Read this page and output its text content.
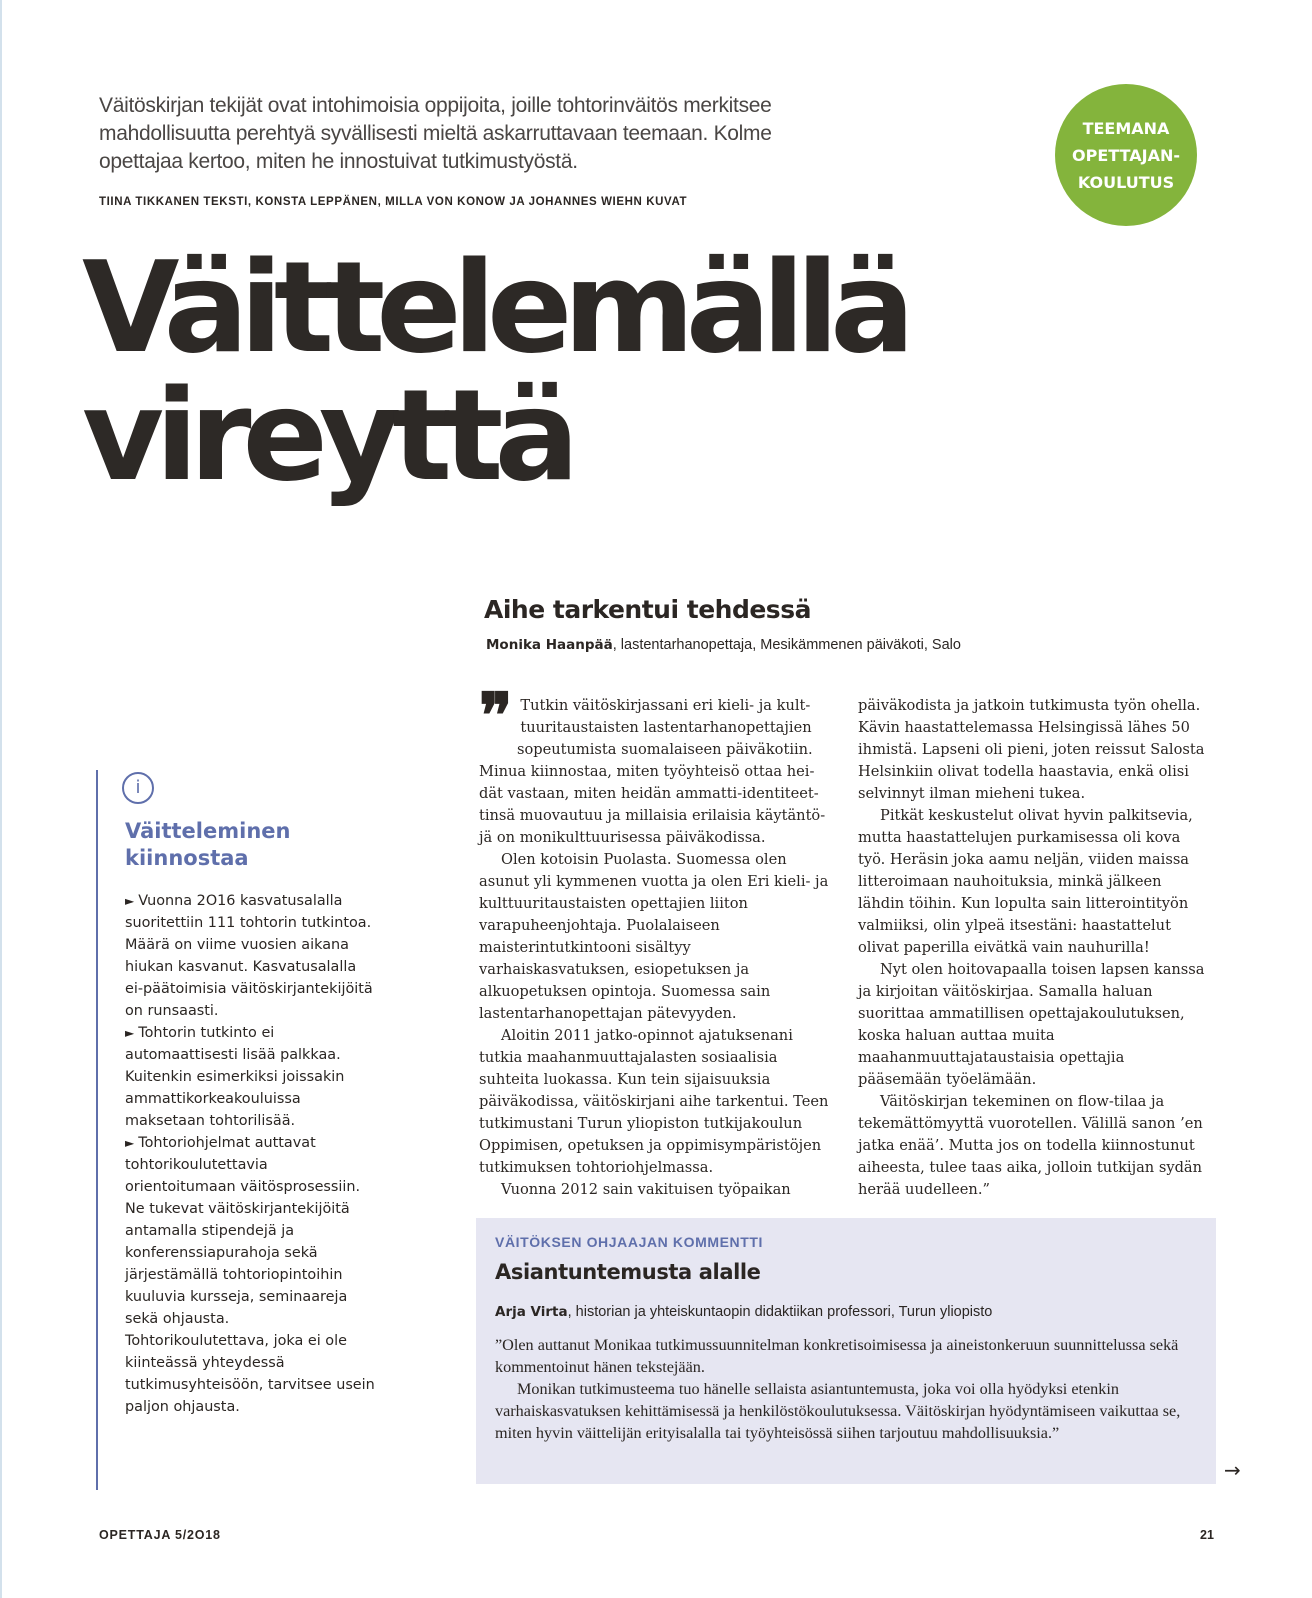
Väitöskirjan tekijät ovat intohimoisia oppijoita, joille tohtorinväitös merkitsee mahdollisuutta perehtyä syvällisesti mieltä askarruttavaan teemaan. Kolme opettajaa kertoo, miten he innostuivat tutkimustyöstä.
TIINA TIKKANEN TEKSTI, KONSTA LEPPÄNEN, MILLA VON KONOW JA JOHANNES WIEHN KUVAT
TEEMANA
OPETTAJAN-
KOULUTUS
Väittelemällä
vireyttä
Aihe tarkentui tehdessä
Monika Haanpää, lastentarhanopettaja, Mesikämmenen päiväkoti, Salo

❞ Tutkin väitöskirjassani eri kieli- ja kult-
tuuritaustaisten lastentarhanopettajien
sopeutumista suomalaiseen päiväkotiin.
Minua kiinnostaa, miten työyhteisö ottaa hei-dät vastaan, miten heidän ammatti-identiteet-tinsä muovautuu ja millaisia erilaisia käytäntö-jä on monikulttuurisessa päiväkodissa.

Olen kotoisin Puolasta. Suomessa olen asunut yli kymmenen vuotta ja olen Eri kieli- ja kulttuuritaustaisten opettajien liiton varapuheenjohtaja. Puolalaiseen maisterintutkintooni sisältyy varhaiskasvatuksen, esiopetuksen ja alkuopetuksen opintoja. Suomessa sain lastentarhanopettajan pätevyyden.

Aloitin 2011 jatko-opinnot ajatuksenani tutkia maahanmuuttajalasten sosiaalisia suhteita luokassa. Kun tein sijaisuuksia päiväkodissa, väitöskirjani aihe tarkentui. Teen tutkimustani Turun yliopiston tutkijakoulun Oppimisen, opetuksen ja oppimisympäristöjen tutkimuksen tohtoriohjelmassa.

Vuonna 2012 sain vakituisen työpaikan

päiväkodista ja jatkoin tutkimusta työn ohella. Kävin haastattelemassa Helsingissä lähes 50 ihmistä. Lapseni oli pieni, joten reissut Salosta Helsinkiin olivat todella haastavia, enkä olisi selvinnyt ilman mieheni tukea.

Pitkät keskustelut olivat hyvin palkitsevia, mutta haastattelujen purkamisessa oli kova työ. Heräsin joka aamu neljän, viiden maissa litteroimaan nauhoituksia, minkä jälkeen lähdin töihin. Kun lopulta sain litterointityön valmiiksi, olin ylpeä itsestäni: haastattelut olivat paperilla eivätkä vain nauhurilla!

Nyt olen hoitovapaalla toisen lapsen kanssa ja kirjoitan väitöskirjaa. Samalla haluan suorittaa ammatillisen opettajakoulutuksen, koska haluan auttaa muita maahanmuuttajataustaisia opettajia pääsemään työelämään.

Väitöskirjan tekeminen on flow-tilaa ja tekemättömyyttä vuorotellen. Välillä sanon ’en jatka enää’. Mutta jos on todella kiinnostunut aiheesta, tulee taas aika, jolloin tutkijan sydän herää uudelleen.”

i
Väitteleminen kiinnostaa

► Vuonna 2O16 kasvatusalalla suoritettiin 111 tohtorin tutkintoa. Määrä on viime vuosien aikana hiukan kasvanut. Kasvatusalalla ei-päätoimisia väitöskirjantekijöitä on runsaasti.

► Tohtorin tutkinto ei automaattisesti lisää palkkaa. Kuitenkin esimerkiksi joissakin ammattikorkeakouluissa maksetaan tohtorilisää.

► Tohtoriohjelmat auttavat tohtorikoulutettavia orientoitumaan väitösprosessiin. Ne tukevat väitöskirjantekijöitä antamalla stipendejä ja konferenssiapurahoja sekä järjestämällä tohtoriopintoihin kuuluvia kursseja, seminaareja sekä ohjausta. Tohtorikoulutettava, joka ei ole kiinteässä yhteydessä tutkimusyhteisöön, tarvitsee usein paljon ohjausta.

VÄITÖKSEN OHJAAJAN KOMMENTTI
Asiantuntemusta alalle
Arja Virta, historian ja yhteiskuntaopin didaktiikan professori, Turun yliopisto

”Olen auttanut Monikaa tutkimussuunnitelman konkretisoimisessa ja aineistonkeruun suunnittelussa sekä kommentoinut hänen tekstejään.

Monikan tutkimusteema tuo hänelle sellaista asiantuntemusta, joka voi olla hyödyksi etenkin varhaiskasvatuksen kehittämisessä ja henkilöstökoulutuksessa. Väitöskirjan hyödyntämiseen vaikuttaa se, miten hyvin väittelijän erityisalalla tai työyhteisössä siihen tarjoutuu mahdollisuuksia.”

→
OPETTAJA 5/2O18	21
